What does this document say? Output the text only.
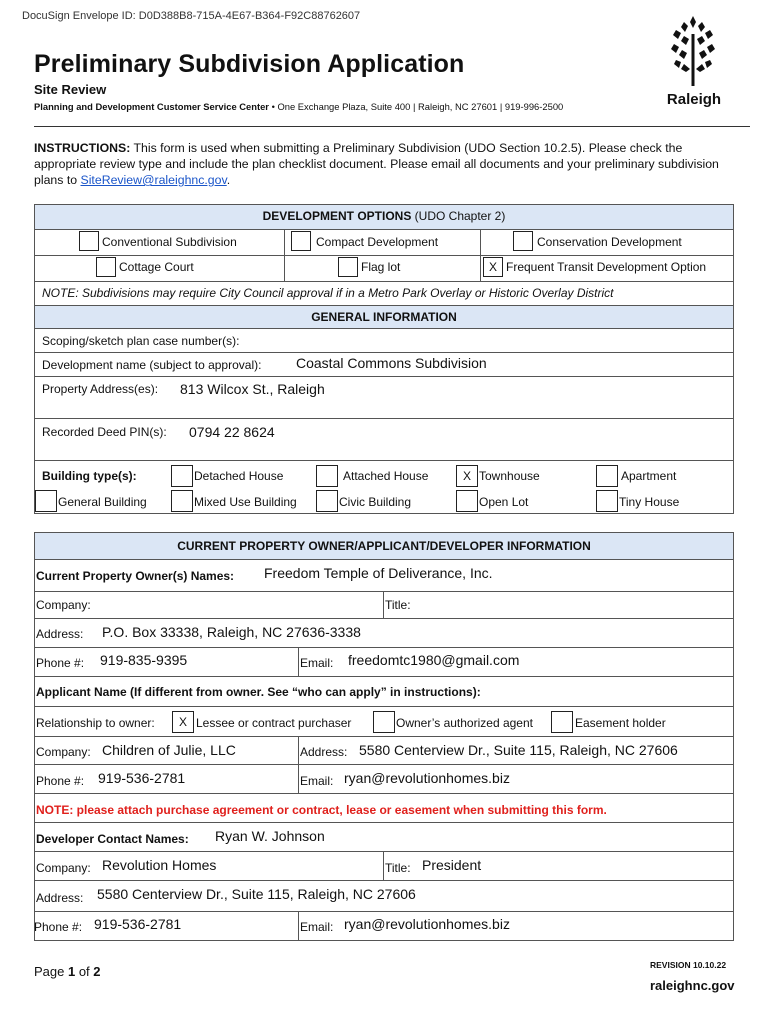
DocuSign Envelope ID: D0D388B8-715A-4E67-B364-F92C88762607
Preliminary Subdivision Application
Site Review
Planning and Development Customer Service Center • One Exchange Plaza, Suite 400 | Raleigh, NC 27601 | 919-996-2500	Raleigh
INSTRUCTIONS: This form is used when submitting a Preliminary Subdivision (UDO Section 10.2.5). Please check the appropriate review type and include the plan checklist document. Please email all documents and your preliminary subdivision plans to SiteReview@raleighnc.gov.
DEVELOPMENT OPTIONS (UDO Chapter 2)
Conventional Subdivision	Compact Development	Conservation Development
Cottage Court	Flag lot	X Frequent Transit Development Option
NOTE: Subdivisions may require City Council approval if in a Metro Park Overlay or Historic Overlay District
GENERAL INFORMATION
Scoping/sketch plan case number(s):
Development name (subject to approval): Coastal Commons Subdivision
Property Address(es): 813 Wilcox St., Raleigh
Recorded Deed PIN(s): 0794 22 8624
Building type(s):	Detached House	Attached House	X Townhouse	Apartment
General Building	Mixed Use Building	Civic Building	Open Lot	Tiny House
CURRENT PROPERTY OWNER/APPLICANT/DEVELOPER INFORMATION
Current Property Owner(s) Names: Freedom Temple of Deliverance, Inc.
Company:	Title:
Address: P.O. Box 33338, Raleigh, NC 27636-3338
Phone #: 919-835-9395	Email: freedomtc1980@gmail.com
Applicant Name (If different from owner. See “who can apply” in instructions):
Relationship to owner:	X Lessee or contract purchaser	Owner’s authorized agent	Easement holder
Company: Children of Julie, LLC	Address: 5580 Centerview Dr., Suite 115, Raleigh, NC 27606
Phone #: 919-536-2781	Email: ryan@revolutionhomes.biz
NOTE: please attach purchase agreement or contract, lease or easement when submitting this form.
Developer Contact Names: Ryan W. Johnson
Company: Revolution Homes	Title: President
Address: 5580 Centerview Dr., Suite 115, Raleigh, NC 27606
Phone #: 919-536-2781	Email: ryan@revolutionhomes.biz
Page 1 of 2	REVISION 10.10.22
raleighnc.gov
